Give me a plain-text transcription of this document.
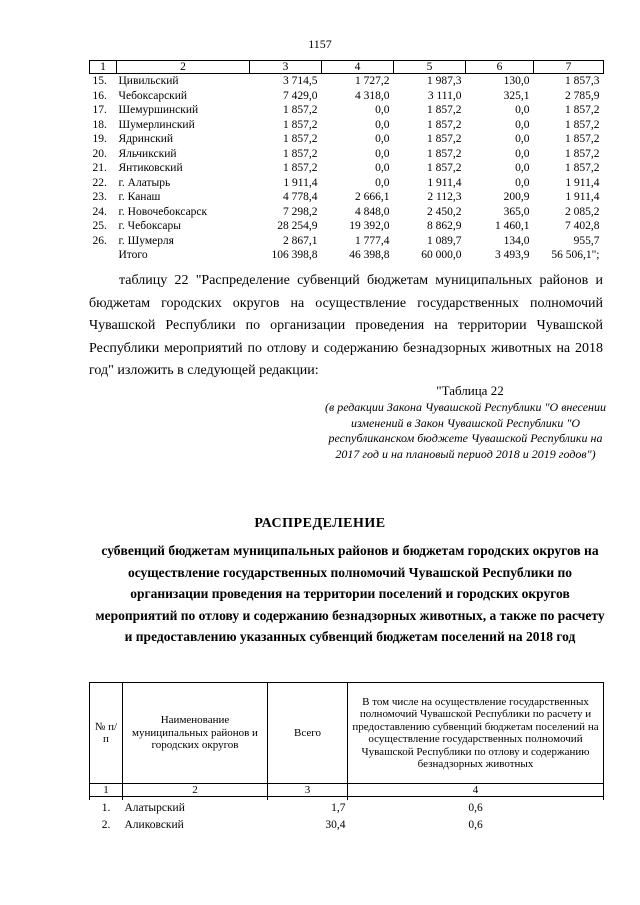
1157
1	2	3	4	5	6	7
15.	Цивильский	3 714,5	1 727,2	1 987,3	130,0	1 857,3
16.	Чебоксарский	7 429,0	4 318,0	3 111,0	325,1	2 785,9
17.	Шемуршинский	1 857,2	0,0	1 857,2	0,0	1 857,2
18.	Шумерлинский	1 857,2	0,0	1 857,2	0,0	1 857,2
19.	Ядринский	1 857,2	0,0	1 857,2	0,0	1 857,2
20.	Яльчикский	1 857,2	0,0	1 857,2	0,0	1 857,2
21.	Янтиковский	1 857,2	0,0	1 857,2	0,0	1 857,2
22.	г. Алатырь	1 911,4	0,0	1 911,4	0,0	1 911,4
23.	г. Канаш	4 778,4	2 666,1	2 112,3	200,9	1 911,4
24.	г. Новочебоксарск	7 298,2	4 848,0	2 450,2	365,0	2 085,2
25.	г. Чебоксары	28 254,9	19 392,0	8 862,9	1 460,1	7 402,8
26.	г. Шумерля	2 867,1	1 777,4	1 089,7	134,0	955,7
	Итого	106 398,8	46 398,8	60 000,0	3 493,9	56 506,1";
таблицу 22 "Распределение субвенций бюджетам муниципальных районов и бюджетам городских округов на осуществление государственных полномочий Чувашской Республики по организации проведения на территории Чувашской Республики мероприятий по отлову и содержанию безнадзорных животных на 2018 год" изложить в следующей редакции:
"Таблица 22
(в редакции Закона Чувашской Республики "О внесении изменений в Закон Чувашской Республики "О республиканском бюджете Чувашской Республики на 2017 год и на плановый период 2018 и 2019 годов")
РАСПРЕДЕЛЕНИЕ
субвенций бюджетам муниципальных районов и бюджетам городских округов на осуществление государственных полномочий Чувашской Республики по организации проведения на территории поселений и городских округов мероприятий по отлову и содержанию безнадзорных животных, а также по расчету и предоставлению указанных субвенций бюджетам поселений на 2018 год
№ п/п	Наименование муниципальных районов и городских округов	Всего	В том числе на осуществление государственных полномочий Чувашской Республики по расчету и предоставлению субвенций бюджетам поселений на осуществление государственных полномочий Чувашской Республики по отлову и содержанию безнадзорных животных
1	2	3	4

1.	Алатырский	1,7	0,6
2.	Аликовский	30,4	0,6
